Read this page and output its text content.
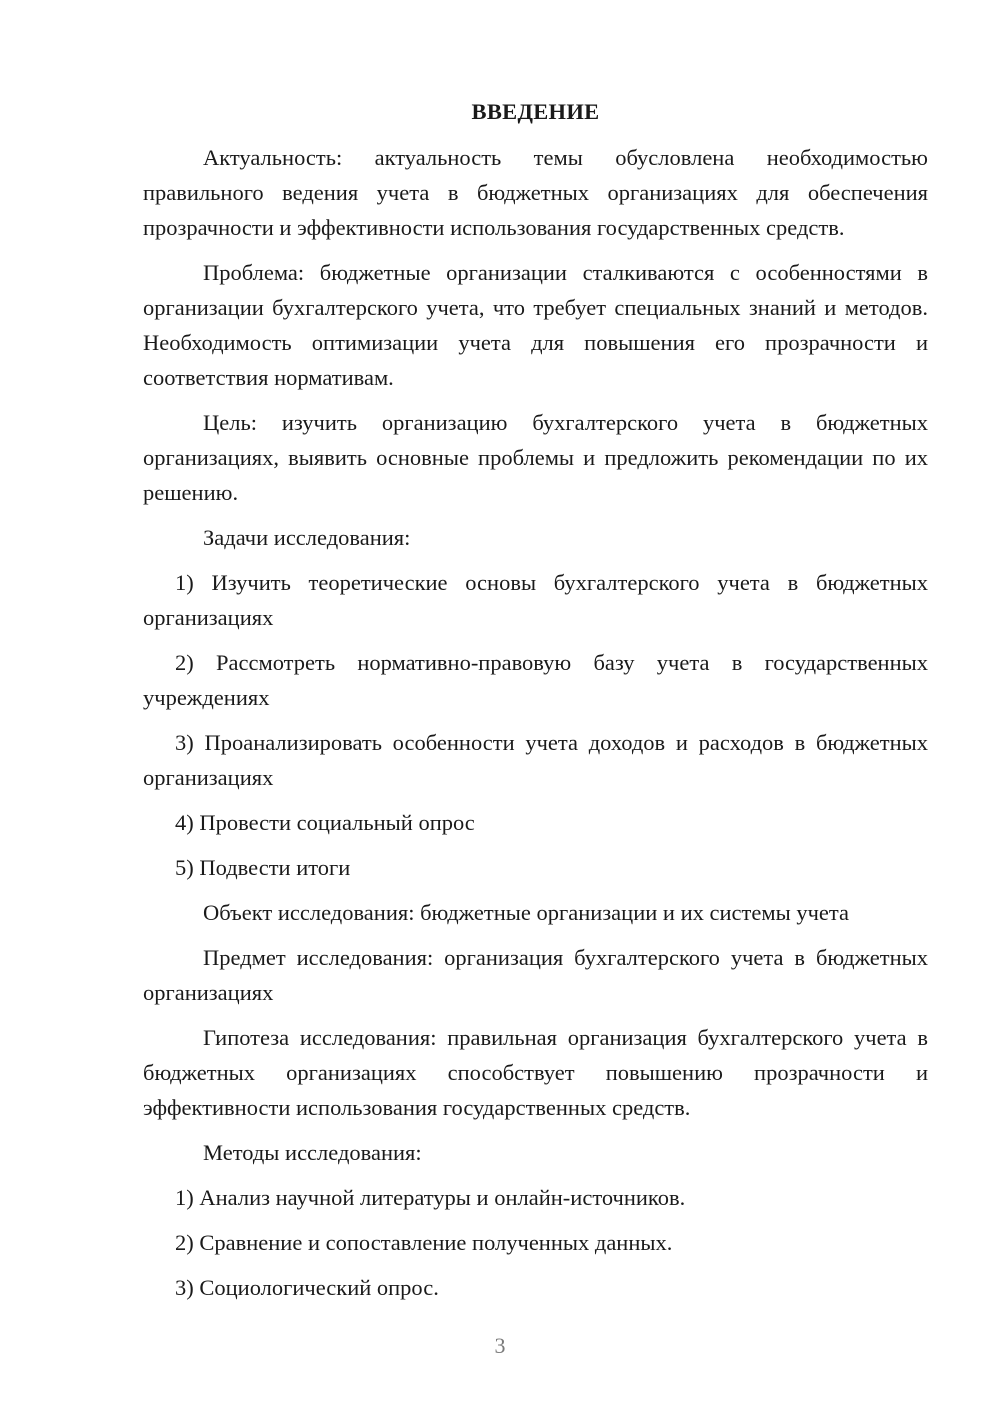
ВВЕДЕНИЕ

Актуальность: актуальность темы обусловлена необходимостью правильного ведения учета в бюджетных организациях для обеспечения прозрачности и эффективности использования государственных средств.

Проблема: бюджетные организации сталкиваются с особенностями в организации бухгалтерского учета, что требует специальных знаний и методов. Необходимость оптимизации учета для повышения его прозрачности и соответствия нормативам.

Цель: изучить организацию бухгалтерского учета в бюджетных организациях, выявить основные проблемы и предложить рекомендации по их решению.

Задачи исследования:

1) Изучить теоретические основы бухгалтерского учета в бюджетных организациях

2) Рассмотреть нормативно-правовую базу учета в государственных учреждениях

3) Проанализировать особенности учета доходов и расходов в бюджетных организациях

4) Провести социальный опрос

5) Подвести итоги

Объект исследования: бюджетные организации и их системы учета

Предмет исследования: организация бухгалтерского учета в бюджетных организациях

Гипотеза исследования: правильная организация бухгалтерского учета в бюджетных организациях способствует повышению прозрачности и эффективности использования государственных средств.

Методы исследования:

1) Анализ научной литературы и онлайн-источников.

2) Сравнение и сопоставление полученных данных.

3) Социологический опрос.

3
